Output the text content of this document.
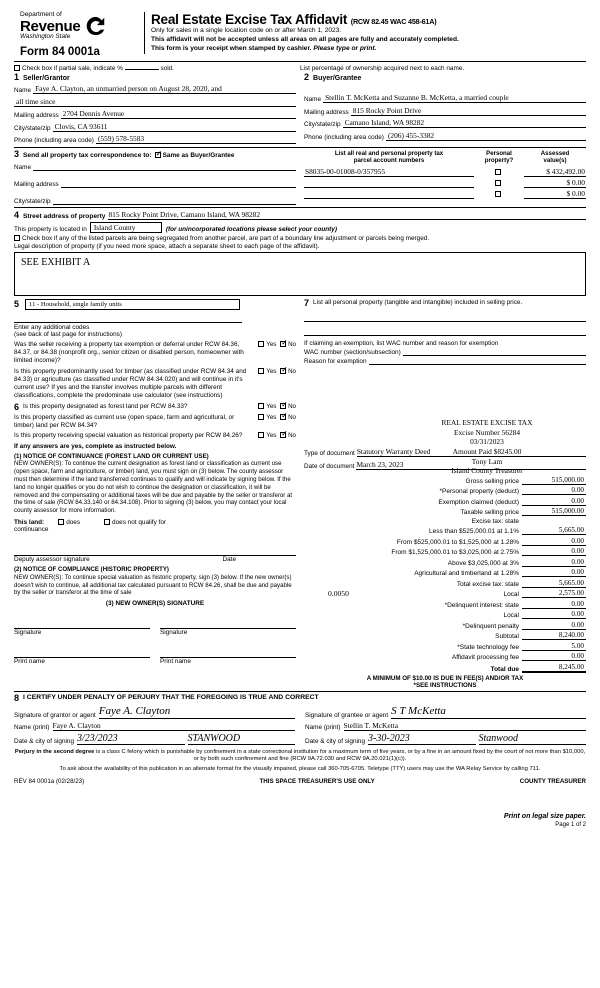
Department of
Revenue
Washington State
Form 84 0001a
Real Estate Excise Tax Affidavit (RCW 82.45 WAC 458-61A)
Only for sales in a single location code on or after March 1, 2023.
This affidavit will not be accepted unless all areas on all pages are fully and accurately completed.
This form is your receipt when stamped by cashier. Please type or print.
Check box if partial sale, indicate %	sold.	List percentage of ownership acquired next to each name.
1 Seller/Grantor
Name Faye A. Clayton, an unmarried person on August 28, 2020, and
all time since
Mailing address 2704 Dennis Avenue
City/state/zip Clovis, CA 93611
Phone (including area code) (559) 578-5583
2 Buyer/Grantee
Name Stellin T. McKetta and Suzanne B. McKetta, a married couple
Mailing address 815 Rocky Point Drive
City/state/zip Camano Island, WA 98282
Phone (including area code) (206) 455-3382
3 Send all property tax correspondence to: ✓	Same as Buyer/Grantee
Name
Mailing address
City/state/zip
List all real and personal property tax
parcel account numbers	Personal
property?	Assessed
value(s)
S8035-00-01008-0/357955		$ 432,492.00
		$ 0.00
		$ 0.00
4 Street address of property 815 Rocky Point Drive, Camano Island, WA 98282
This property is located in Island County	(for unincorporated locations please select your county)
Check box if any of the listed parcels are being segregated from another parcel, are part of a boundary line adjustment or parcels being merged.
Legal description of property (if you need more space, attach a separate sheet to each page of the affidavit).
SEE EXHIBIT A
5	11 - Household, single family units
Enter any additional codes
(see back of last page for instructions)
Was the seller receiving a property tax exemption or deferral under RCW 84.36, 84.37, or 84.38 (nonprofit org., senior citizen or disabled person, homeowner with limited income)?
Yes ✓No
Is this property predominantly used for timber (as classified under RCW 84.34 and 84.33) or agriculture (as classified under RCW 84.34.020) and will continue in it's current use? If yes and the transfer involves multiple parcels with different classifications, complete the predominate use calculator (see instructions)
Yes ✓No
7 List all personal property (tangible and intangible) included in selling price.
If claiming an exemption, list WAC number and reason for exemption
WAC number (section/subsection)
Reason for exemption
REAL ESTATE EXCISE TAX
Excise Number 56284
03/31/2023
Amount Paid $8245.00
Tony Lam
Island County Treasurer
6 Is this property designated as forest land per RCW 84.33?	Yes ✓No
Is this property classified as current use (open space, farm and agricultural, or timber) land per RCW 84.34?
Yes ✓No
Is this property receiving special valuation as historical property per RCW 84.26?	Yes ✓No
If any answers are yes, complete as instructed below.
(1) NOTICE OF CONTINUANCE (FOREST LAND OR CURRENT USE)
NEW OWNER(S): To continue the current designation as forest land or classification as current use (open space, farm and agriculture, or timber) land, you must sign on (3) below. The county assessor must then determine if the land transferred continues to qualify and will indicate by signing below. If the land no longer qualifies or you do not wish to continue the designation or classification, it will be removed and the compensating or additional taxes will be due and payable by the seller or transferor at the time of sale (RCW 84.33.140 or 84.34.108). Prior to signing (3) below, you may contact your local county assessor for more information.
This land:	does	does not qualify for
continuance
Deputy assessor signature	Date
(2) NOTICE OF COMPLIANCE (HISTORIC PROPERTY)
NEW OWNER(S): To continue special valuation as historic property, sign (3) below. If the new owner(s) doesn't wish to continue, all additional tax calculated pursuant to RCW 84.26, shall be due and payable by the seller or transferor at the time of sale
(3) NEW OWNER(S) SIGNATURE
Signature	Signature
Print name	Print name
Type of document Statutory Warranty Deed
Date of document March 23, 2023
Gross selling price	515,000.00
*Personal property (deduct)	0.00
Exemption claimed (deduct)	0.00
Taxable selling price	515,000.00
Excise tax: state
Less than $525,000.01 at 1.1%	5,665.00
From $525,000.01 to $1,525,000 at 1.28%	0.00
From $1,525,000.01 to $3,025,000 at 2.75%	0.00
Above $3,025,000 at 3%	0.00
Agricultural and timberland at 1.28%	0.00
Total excise tax: state	5,665.00
0.0050	Local	2,575.00
*Delinquent interest: state	0.00
Local	0.00
*Delinquent penalty	0.00
Subtotal	8,240.00
*State technology fee	5.00
Affidavit processing fee	0.00
Total due	8,245.00
A MINIMUM OF $10.00 IS DUE IN FEE(S) AND/OR TAX
*SEE INSTRUCTIONS
8 I CERTIFY UNDER PENALTY OF PERJURY THAT THE FOREGOING IS TRUE AND CORRECT
Signature of grantor or agent Faye A. Clayton
Name (print) Faye A. Clayton
Date & city of signing 3/23/2023	STANWOOD
Signature of grantee or agent S T McKetta
Name (print) Stellin T. McKetta
Date & city of signing 3-30-2023	Stanwood
Perjury in the second degree is a class C felony which is punishable by confinement in a state correctional institution for a maximum term of five years, or by a fine in an amount fixed by the court of not more than $10,000, or by both such confinement and fine (RCW 9A.72.030 and RCW 9A.20.021(1)(c)).
To ask about the availability of this publication in an alternate format for the visually impaired, please call 360-705-6705. Teletype (TTY) users may use the WA Relay Service by calling 711.
REV 84 0001a (02/28/23)	THIS SPACE TREASURER'S USE ONLY	COUNTY TREASURER
Print on legal size paper.
Page 1 of 2
